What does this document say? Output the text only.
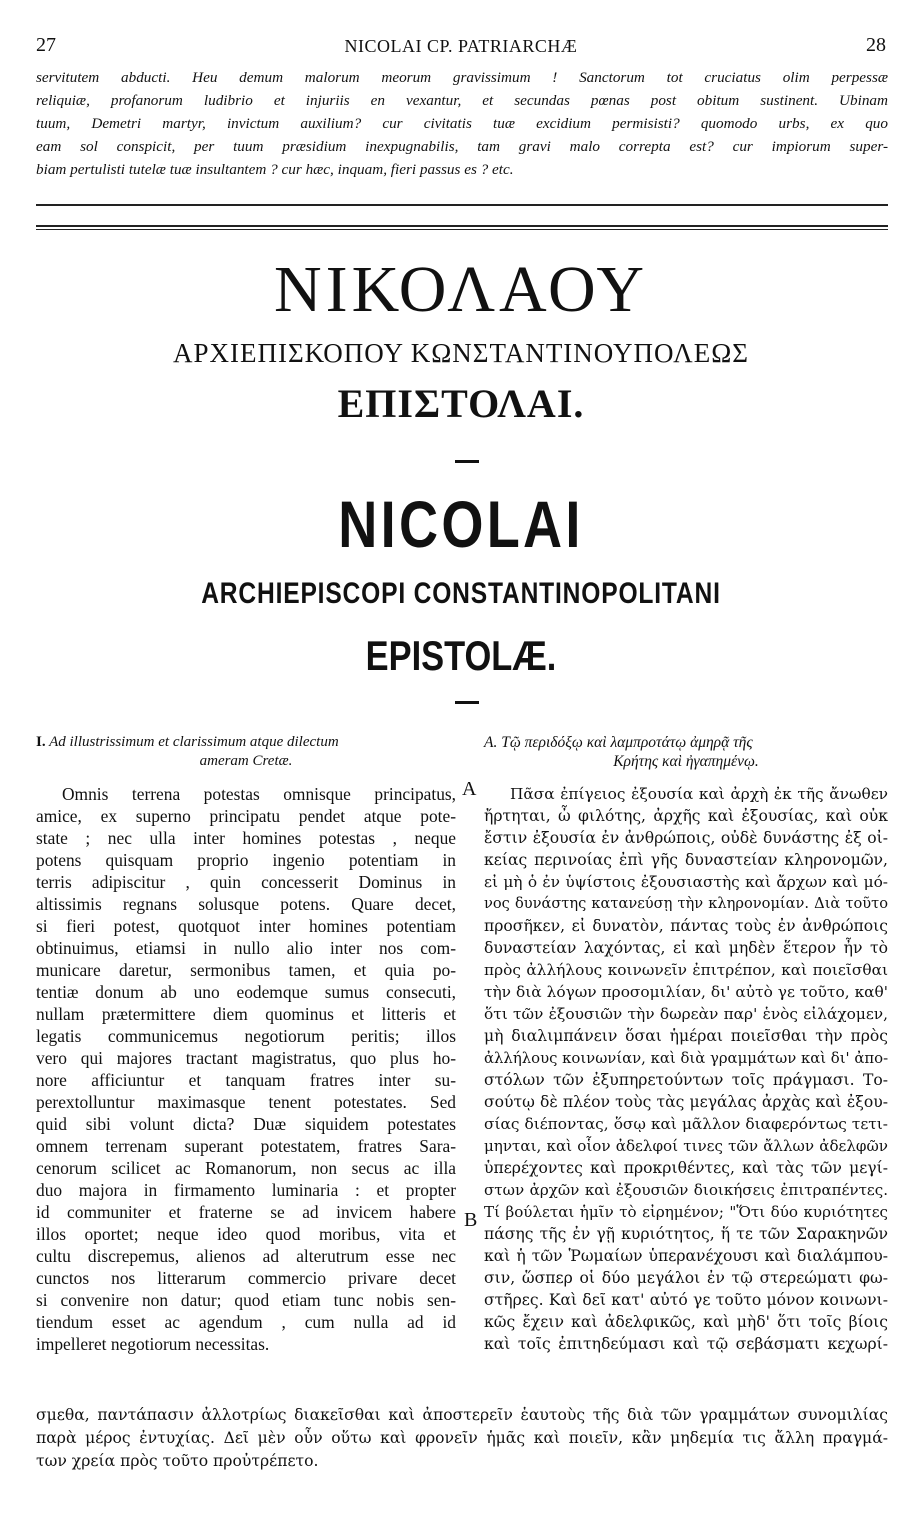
27	NICOLAI CP. PATRIARCHÆ	28
servitutem abducti. Heu demum malorum meorum gravissimum ! Sanctorum tot cruciatus olim perpessæ
reliquiæ, profanorum ludibrio et injuriis en vexantur, et secundas pœnas post obitum sustinent. Ubinam
tuum, Demetri martyr, invictum auxilium? cur civitatis tuæ excidium permisisti? quomodo urbs, ex quo
eam sol conspicit, per tuum præsidium inexpugnabilis, tam gravi malo correpta est? cur impiorum super-
biam pertulisti tutelæ tuæ insultantem ? cur hæc, inquam, fieri passus es ? etc.
ΝΙΚΟΛΑΟΥ
ΑΡΧΙΕΠΙΣΚΟΠΟΥ ΚΩΝΣΤΑΝΤΙΝΟΥΠΟΛΕΩΣ
ΕΠΙΣΤΟΛΑΙ.
NICOLAI
ARCHIEPISCOPI CONSTANTINOPOLITANI
EPISTOLÆ.
I. Ad illustrissimum et clarissimum atque dilectum
ameram Cretæ.
Omnis terrena potestas omnisque principatus,
amice, ex superno principatu pendet atque pote-
state ; nec ulla inter homines potestas , neque
potens quisquam proprio ingenio potentiam in
terris adipiscitur , quin concesserit Dominus in
altissimis regnans solusque potens. Quare decet,
si fieri potest, quotquot inter homines potentiam
obtinuimus, etiamsi in nullo alio inter nos com-
municare daretur, sermonibus tamen, et quia po-
tentiæ donum ab uno eodemque sumus consecuti,
nullam prætermittere diem quominus et litteris et
legatis communicemus negotiorum peritis; illos
vero qui majores tractant magistratus, quo plus ho-
nore afficiuntur et tanquam fratres inter su-
perextolluntur maximasque tenent potestates. Sed
quid sibi volunt dicta? Duæ siquidem potestates
omnem terrenam superant potestatem, fratres Sara-
cenorum scilicet ac Romanorum, non secus ac illa
duo majora in firmamento luminaria : et propter
id communiter et fraterne se ad invicem habere
illos oportet; neque ideo quod moribus, vita et
cultu discrepemus, alienos ad alterutrum esse nec
cunctos nos litterarum commercio privare decet
si convenire non datur; quod etiam tunc nobis sen-
tiendum esset ac agendum , cum nulla ad id
impelleret negotiorum necessitas.
A
B
Α. Τῷ περιδόξῳ καὶ λαμπροτάτῳ ἀμηρᾷ τῆς
Κρήτης καὶ ἠγαπημένῳ.
Πᾶσα ἐπίγειος ἐξουσία καὶ ἀρχὴ ἐκ τῆς ἄνωθεν
ἤρτηται, ὦ φιλότης, ἀρχῆς καὶ ἐξουσίας, καὶ οὐκ
ἔστιν ἐξουσία ἐν ἀνθρώποις, οὐδὲ δυνάστης ἐξ οἰ-
κείας περινοίας ἐπὶ γῆς δυναστείαν κληρονομῶν,
εἰ μὴ ὁ ἐν ὑψίστοις ἐξουσιαστὴς καὶ ἄρχων καὶ μό-
νος δυνάστης κατανεύσῃ τὴν κληρονομίαν. Διὰ τοῦτο
προσῆκεν, εἰ δυνατὸν, πάντας τοὺς ἐν ἀνθρώποις
δυναστείαν λαχόντας, εἰ καὶ μηδὲν ἕτερον ἦν τὸ
πρὸς ἀλλήλους κοινωνεῖν ἐπιτρέπον, καὶ ποιεῖσθαι
τὴν διὰ λόγων προσομιλίαν, δι' αὐτὸ γε τοῦτο, καθ'
ὅτι τῶν ἐξουσιῶν τὴν δωρεὰν παρ' ἑνὸς εἰλάχομεν,
μὴ διαλιμπάνειν ὅσαι ἡμέραι ποιεῖσθαι τὴν πρὸς
ἀλλήλους κοινωνίαν, καὶ διὰ γραμμάτων καὶ δι' ἀπο-
στόλων τῶν ἐξυπηρετούντων τοῖς πράγμασι. Το-
σούτῳ δὲ πλέον τοὺς τὰς μεγάλας ἀρχὰς καὶ ἐξου-
σίας διέποντας, ὅσῳ καὶ μᾶλλον διαφερόντως τετι-
μηνται, καὶ οἷον ἀδελφοί τινες τῶν ἄλλων ἀδελφῶν
ὑπερέχοντες καὶ προκριθέντες, καὶ τὰς τῶν μεγί-
στων ἀρχῶν καὶ ἐξουσιῶν διοικήσεις ἐπιτραπέντες.
Τί βούλεται ἡμῖν τὸ εἰρημένον; "Ὅτι δύο κυριότητες
πάσης τῆς ἐν γῇ κυριότητος, ἥ τε τῶν Σαρακηνῶν
καὶ ἡ τῶν Ῥωμαίων ὑπερανέχουσι καὶ διαλάμπου-
σιν, ὥσπερ οἱ δύο μεγάλοι ἐν τῷ στερεώματι φω-
στῆρες. Καὶ δεῖ κατ' αὐτό γε τοῦτο μόνον κοινωνι-
κῶς ἔχειν καὶ ἀδελφικῶς, καὶ μὴδ' ὅτι τοῖς βίοις
καὶ τοῖς ἐπιτηδεύμασι καὶ τῷ σεβάσματι κεχωρί-
σμεθα, παντάπασιν ἀλλοτρίως διακεῖσθαι καὶ ἀποστερεῖν ἑαυτοὺς τῆς διὰ τῶν γραμμάτων συνομιλίας
παρὰ μέρος ἐντυχίας. Δεῖ μὲν οὖν οὕτω καὶ φρονεῖν ἡμᾶς καὶ ποιεῖν, κἂν μηδεμία τις ἄλλη πραγμά-
των χρεία πρὸς τοῦτο προὐτρέπετο.
